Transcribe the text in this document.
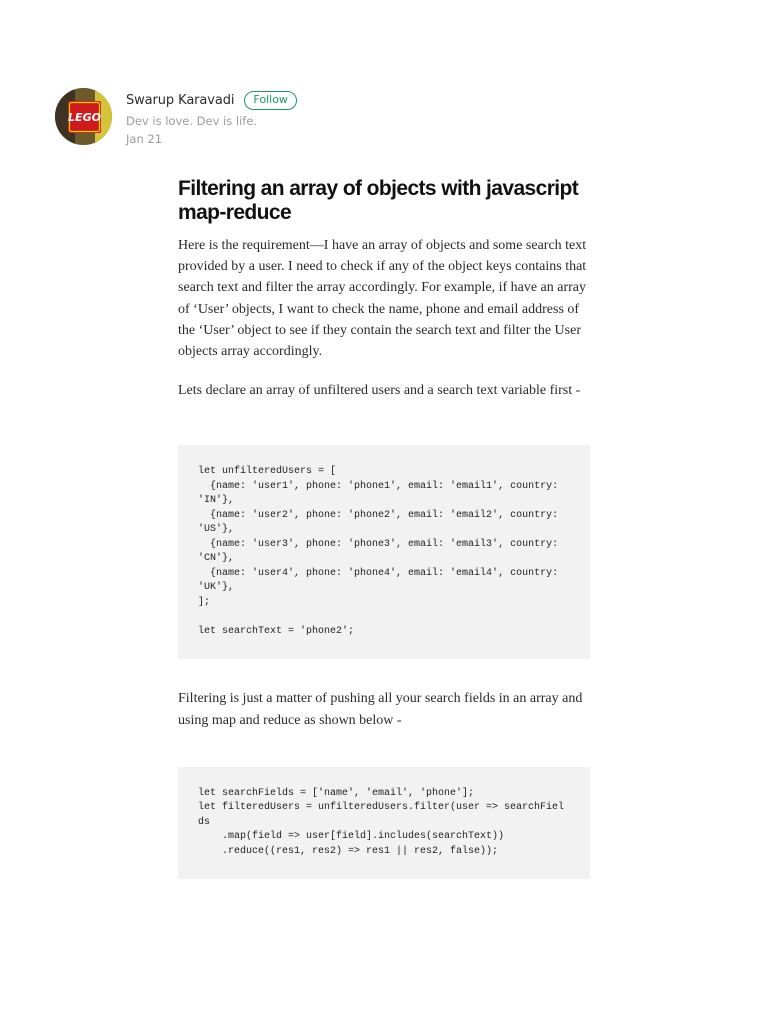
LEGO
Swarup Karavadi	Follow
Dev is love. Dev is life.
Jan 21
Filtering an array of objects with javascript map-reduce

Here is the requirement—I have an array of objects and some search text provided by a user. I need to check if any of the object keys contains that search text and filter the array accordingly. For example, if have an array of ‘User’ objects, I want to check the name, phone and email address of the ‘User’ object to see if they contain the search text and filter the User objects array accordingly.

Lets declare an array of unfiltered users and a search text variable first -

let unfilteredUsers = [
{name: 'user1', phone: 'phone1', email: 'email1', country: 'IN'},
{name: 'user2', phone: 'phone2', email: 'email2', country: 'US'},
{name: 'user3', phone: 'phone3', email: 'email3', country: 'CN'},
{name: 'user4', phone: 'phone4', email: 'email4', country: 'UK'},
];

let searchText = 'phone2';

Filtering is just a matter of pushing all your search fields in an array and using map and reduce as shown below -

let searchFields = ['name', 'email', 'phone'];
let filteredUsers = unfilteredUsers.filter(user => searchFields
.map(field => user[field].includes(searchText))
.reduce((res1, res2) => res1 || res2, false));
